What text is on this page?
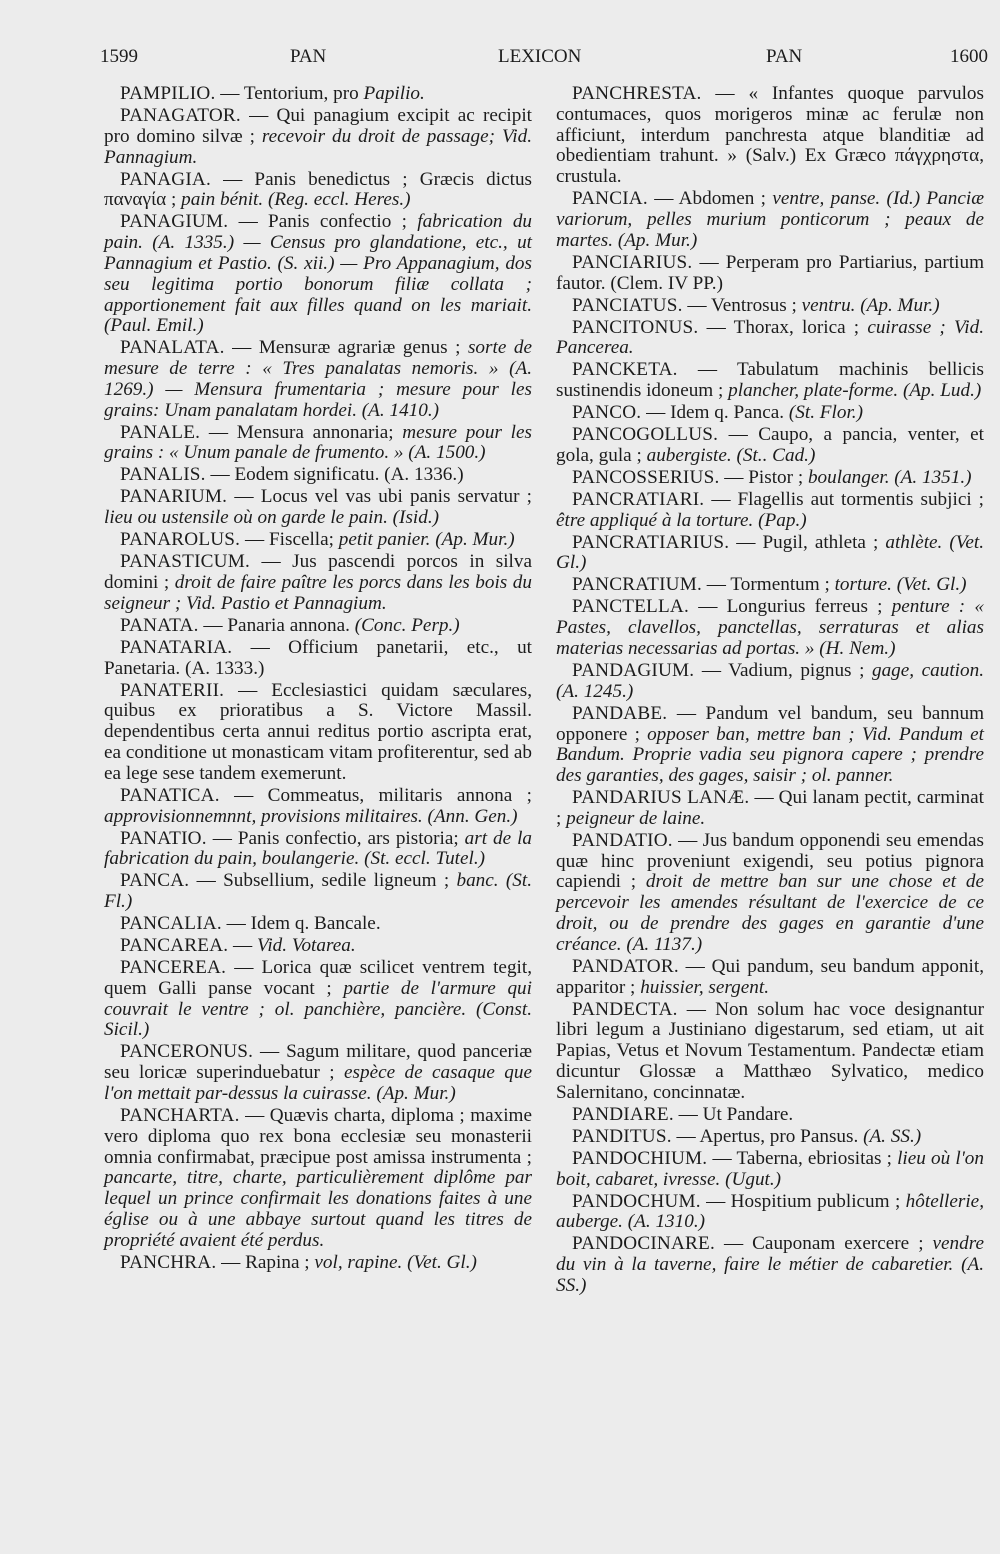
1599	PAN	LEXICON	PAN	1600

PAMPILIO. — Tentorium, pro Papilio.

PANAGATOR. — Qui panagium excipit ac recipit pro domino silvæ ; recevoir du droit de passage; Vid. Pannagium.

PANAGIA. — Panis benedictus ; Græcis dictus παναγία ; pain bénit. (Reg. eccl. Heres.)

PANAGIUM. — Panis confectio ; fabrication du pain. (A. 1335.) — Census pro glandatione, etc., ut Pannagium et Pastio. (S. xii.) — Pro Appanagium, dos seu legitima portio bonorum filiæ collata ; apportionement fait aux filles quand on les mariait. (Paul. Emil.)

PANALATA. — Mensuræ agrariæ genus ; sorte de mesure de terre : « Tres panalatas nemoris. » (A. 1269.) — Mensura frumentaria ; mesure pour les grains: Unam panalatam hordei. (A. 1410.)

PANALE. — Mensura annonaria; mesure pour les grains : « Unum panale de frumento. » (A. 1500.)

PANALIS. — Eodem significatu. (A. 1336.)

PANARIUM. — Locus vel vas ubi panis servatur ; lieu ou ustensile où on garde le pain. (Isid.)

PANAROLUS. — Fiscella; petit panier. (Ap. Mur.)

PANASTICUM. — Jus pascendi porcos in silva domini ; droit de faire paître les porcs dans les bois du seigneur ; Vid. Pastio et Pannagium.

PANATA. — Panaria annona. (Conc. Perp.)

PANATARIA. — Officium panetarii, etc., ut Panetaria. (A. 1333.)

PANATERII. — Ecclesiastici quidam sæculares, quibus ex prioratibus a S. Victore Massil. dependentibus certa annui reditus portio ascripta erat, ea conditione ut monasticam vitam profiterentur, sed ab ea lege sese tandem exemerunt.

PANATICA. — Commeatus, militaris annona ; approvisionnemnnt, provisions militaires. (Ann. Gen.)

PANATIO. — Panis confectio, ars pistoria; art de la fabrication du pain, boulangerie. (St. eccl. Tutel.)

PANCA. — Subsellium, sedile ligneum ; banc. (St. Fl.)

PANCALIA. — Idem q. Bancale.

PANCAREA. — Vid. Votarea.

PANCEREA. — Lorica quæ scilicet ventrem tegit, quem Galli panse vocant ; partie de l'armure qui couvrait le ventre ; ol. panchière, pancière. (Const. Sicil.)

PANCERONUS. — Sagum militare, quod panceriæ seu loricæ superinduebatur ; espèce de casaque que l'on mettait par-dessus la cuirasse. (Ap. Mur.)

PANCHARTA. — Quævis charta, diploma ; maxime vero diploma quo rex bona ecclesiæ seu monasterii omnia confirmabat, præcipue post amissa instrumenta ; pancarte, titre, charte, particulièrement diplôme par lequel un prince confirmait les donations faites à une église ou à une abbaye surtout quand les titres de propriété avaient été perdus.

PANCHRA. — Rapina ; vol, rapine. (Vet. Gl.)

PANCHRESTA. — « Infantes quoque parvulos contumaces, quos morigeros minæ ac ferulæ non afficiunt, interdum panchresta atque blanditiæ ad obedientiam trahunt. » (Salv.) Ex Græco πάγχρηστα, crustula.

PANCIA. — Abdomen ; ventre, panse. (Id.) Panciæ variorum, pelles murium ponticorum ; peaux de martes. (Ap. Mur.)

PANCIARIUS. — Perperam pro Partiarius, partium fautor. (Clem. IV PP.)

PANCIATUS. — Ventrosus ; ventru. (Ap. Mur.)

PANCITONUS. — Thorax, lorica ; cuirasse ; Vid. Pancerea.

PANCKETA. — Tabulatum machinis bellicis sustinendis idoneum ; plancher, plate-forme. (Ap. Lud.)

PANCO. — Idem q. Panca. (St. Flor.)

PANCOGOLLUS. — Caupo, a pancia, venter, et gola, gula ; aubergiste. (St.. Cad.)

PANCOSSERIUS. — Pistor ; boulanger. (A. 1351.)

PANCRATIARI. — Flagellis aut tormentis subjici ; être appliqué à la torture. (Pap.)

PANCRATIARIUS. — Pugil, athleta ; athlète. (Vet. Gl.)

PANCRATIUM. — Tormentum ; torture. (Vet. Gl.)

PANCTELLA. — Longurius ferreus ; penture : « Pastes, clavellos, panctellas, serraturas et alias materias necessarias ad portas. » (H. Nem.)

PANDAGIUM. — Vadium, pignus ; gage, caution. (A. 1245.)

PANDABE. — Pandum vel bandum, seu bannum opponere ; opposer ban, mettre ban ; Vid. Pandum et Bandum. Proprie vadia seu pignora capere ; prendre des garanties, des gages, saisir ; ol. panner.

PANDARIUS LANÆ. — Qui lanam pectit, carminat ; peigneur de laine.

PANDATIO. — Jus bandum opponendi seu emendas quæ hinc proveniunt exigendi, seu potius pignora capiendi ; droit de mettre ban sur une chose et de percevoir les amendes résultant de l'exercice de ce droit, ou de prendre des gages en garantie d'une créance. (A. 1137.)

PANDATOR. — Qui pandum, seu bandum apponit, apparitor ; huissier, sergent.

PANDECTA. — Non solum hac voce designantur libri legum a Justiniano digestarum, sed etiam, ut ait Papias, Vetus et Novum Testamentum. Pandectæ etiam dicuntur Glossæ a Matthæo Sylvatico, medico Salernitano, concinnatæ.

PANDIARE. — Ut Pandare.

PANDITUS. — Apertus, pro Pansus. (A. SS.)

PANDOCHIUM. — Taberna, ebriositas ; lieu où l'on boit, cabaret, ivresse. (Ugut.)

PANDOCHUM. — Hospitium publicum ; hôtellerie, auberge. (A. 1310.)

PANDOCINARE. — Cauponam exercere ; vendre du vin à la taverne, faire le métier de cabaretier. (A. SS.)
